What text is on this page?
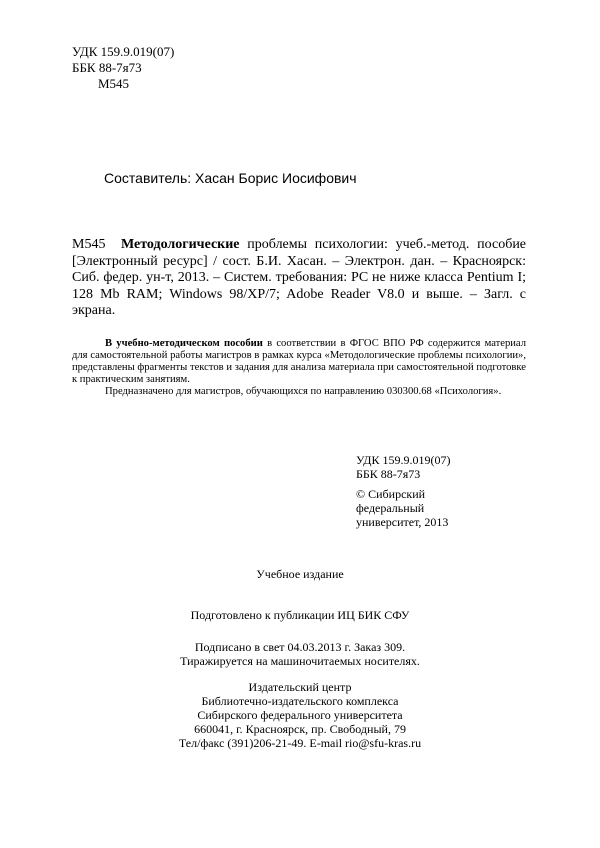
УДК 159.9.019(07)
ББК 88-7я73
М545
Составитель: Хасан Борис Иосифович
М545 Методологические проблемы психологии: учеб.-метод. пособие [Электронный ресурс] / сост. Б.И. Хасан. – Электрон. дан. – Красноярск: Сиб. федер. ун-т, 2013. – Систем. требования: PC не ниже класса Pentium I; 128 Mb RAM; Windows 98/XP/7; Adobe Reader V8.0 и выше. – Загл. с экрана.

В учебно-методическом пособии в соответствии в ФГОС ВПО РФ содержится материал для самостоятельной работы магистров в рамках курса «Методологические проблемы психологии», представлены фрагменты текстов и задания для анализа материала при самостоятельной подготовке к практическим занятиям.

Предназначено для магистров, обучающихся по направлению 030300.68 «Психология».

УДК 159.9.019(07)
ББК 88-7я73
© Сибирский
федеральный
университет, 2013
Учебное издание
Подготовлено к публикации ИЦ БИК СФУ
Подписано в свет 04.03.2013 г. Заказ 309.
Тиражируется на машиночитаемых носителях.
Издательский центр
Библиотечно-издательского комплекса
Сибирского федерального университета
660041, г. Красноярск, пр. Свободный, 79
Тел/факс (391)206-21-49. E-mail rio@sfu-kras.ru
